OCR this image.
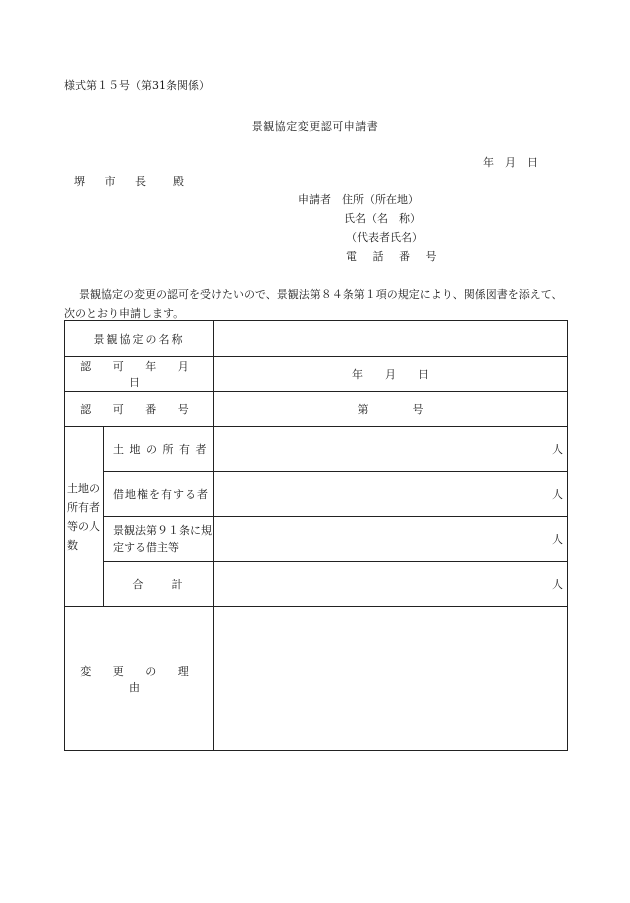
様式第１５号（第31条関係）
景観協定変更認可申請書
年　月　日
堺 市 長　殿
申請者　住所（所在地）
氏名（名　称）
（代表者氏名）
電 話 番 号
景観協定の変更の認可を受けたいので、景観法第８４条第１項の規定により、関係図書を添えて、次のとおり申請します。
景観協定の名称		
認 可 年 月 日		年　　月　　日
認 可 番 号		第　　　　号
土地の所有者等の人数	土 地 の 所 有 者	人
	借地権を有する者	人
	景観法第９１条に規定する借主等	人
	合　　計	人
変 更 の 理 由		
